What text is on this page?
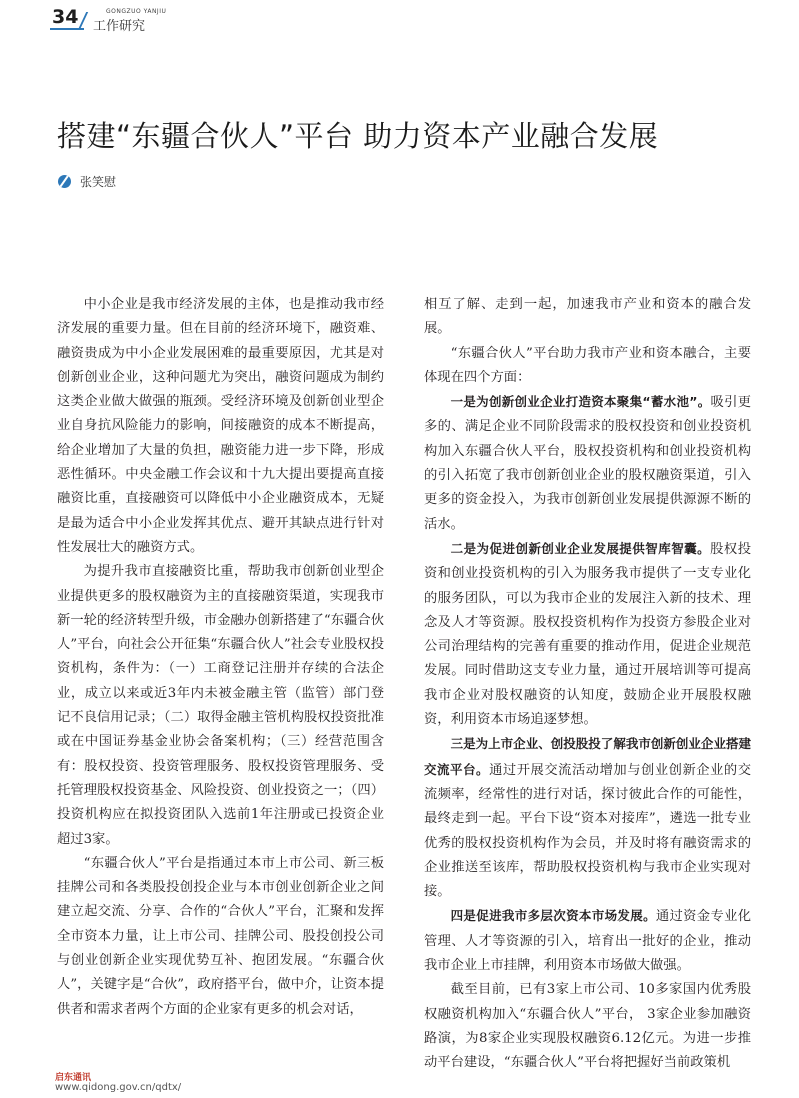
34	GONGZUO YANJIU
工作研究
搭建“东疆合伙人”平台 助力资本产业融合发展
张笑慰

中小企业是我市经济发展的主体，也是推动我市经济发展的重要力量。但在目前的经济环境下，融资难、融资贵成为中小企业发展困难的最重要原因，尤其是对创新创业企业，这种问题尤为突出，融资问题成为制约这类企业做大做强的瓶颈。受经济环境及创新创业型企业自身抗风险能力的影响，间接融资的成本不断提高，给企业增加了大量的负担，融资能力进一步下降，形成恶性循环。中央金融工作会议和十九大提出要提高直接融资比重，直接融资可以降低中小企业融资成本，无疑是最为适合中小企业发挥其优点、避开其缺点进行针对性发展壮大的融资方式。

为提升我市直接融资比重，帮助我市创新创业型企业提供更多的股权融资为主的直接融资渠道，实现我市新一轮的经济转型升级，市金融办创新搭建了“东疆合伙人”平台，向社会公开征集“东疆合伙人”社会专业股权投资机构，条件为：（一）工商登记注册并存续的合法企业，成立以来或近3年内未被金融主管（监管）部门登记不良信用记录；（二）取得金融主管机构股权投资批准或在中国证券基金业协会备案机构；（三）经营范围含有：股权投资、投资管理服务、股权投资管理服务、受托管理股权投资基金、风险投资、创业投资之一；（四）投资机构应在拟投资团队入选前1年注册或已投资企业超过3家。

“东疆合伙人”平台是指通过本市上市公司、新三板挂牌公司和各类股投创投企业与本市创业创新企业之间建立起交流、分享、合作的“合伙人”平台，汇聚和发挥全市资本力量，让上市公司、挂牌公司、股投创投公司与创业创新企业实现优势互补、抱团发展。“东疆合伙人”，关键字是“合伙”，政府搭平台，做中介，让资本提供者和需求者两个方面的企业家有更多的机会对话，

相互了解、走到一起，加速我市产业和资本的融合发展。

“东疆合伙人”平台助力我市产业和资本融合，主要体现在四个方面：

一是为创新创业企业打造资本聚集“蓄水池”。吸引更多的、满足企业不同阶段需求的股权投资和创业投资机构加入东疆合伙人平台，股权投资机构和创业投资机构的引入拓宽了我市创新创业企业的股权融资渠道，引入更多的资金投入，为我市创新创业发展提供源源不断的活水。

二是为促进创新创业企业发展提供智库智囊。股权投资和创业投资机构的引入为服务我市提供了一支专业化的服务团队，可以为我市企业的发展注入新的技术、理念及人才等资源。股权投资机构作为投资方参股企业对公司治理结构的完善有重要的推动作用，促进企业规范发展。同时借助这支专业力量，通过开展培训等可提高我市企业对股权融资的认知度，鼓励企业开展股权融资，利用资本市场追逐梦想。

三是为上市企业、创投股投了解我市创新创业企业搭建交流平台。通过开展交流活动增加与创业创新企业的交流频率，经常性的进行对话，探讨彼此合作的可能性，最终走到一起。平台下设“资本对接库”，遴选一批专业优秀的股权投资机构作为会员，并及时将有融资需求的企业推送至该库，帮助股权投资机构与我市企业实现对接。

四是促进我市多层次资本市场发展。通过资金专业化管理、人才等资源的引入，培育出一批好的企业，推动我市企业上市挂牌，利用资本市场做大做强。

截至目前，已有3家上市公司、10多家国内优秀股权融资机构加入“东疆合伙人”平台， 3家企业参加融资路演，为8家企业实现股权融资6.12亿元。为进一步推动平台建设，“东疆合伙人”平台将把握好当前政策机

启东通讯
www.qidong.gov.cn/qdtx/
